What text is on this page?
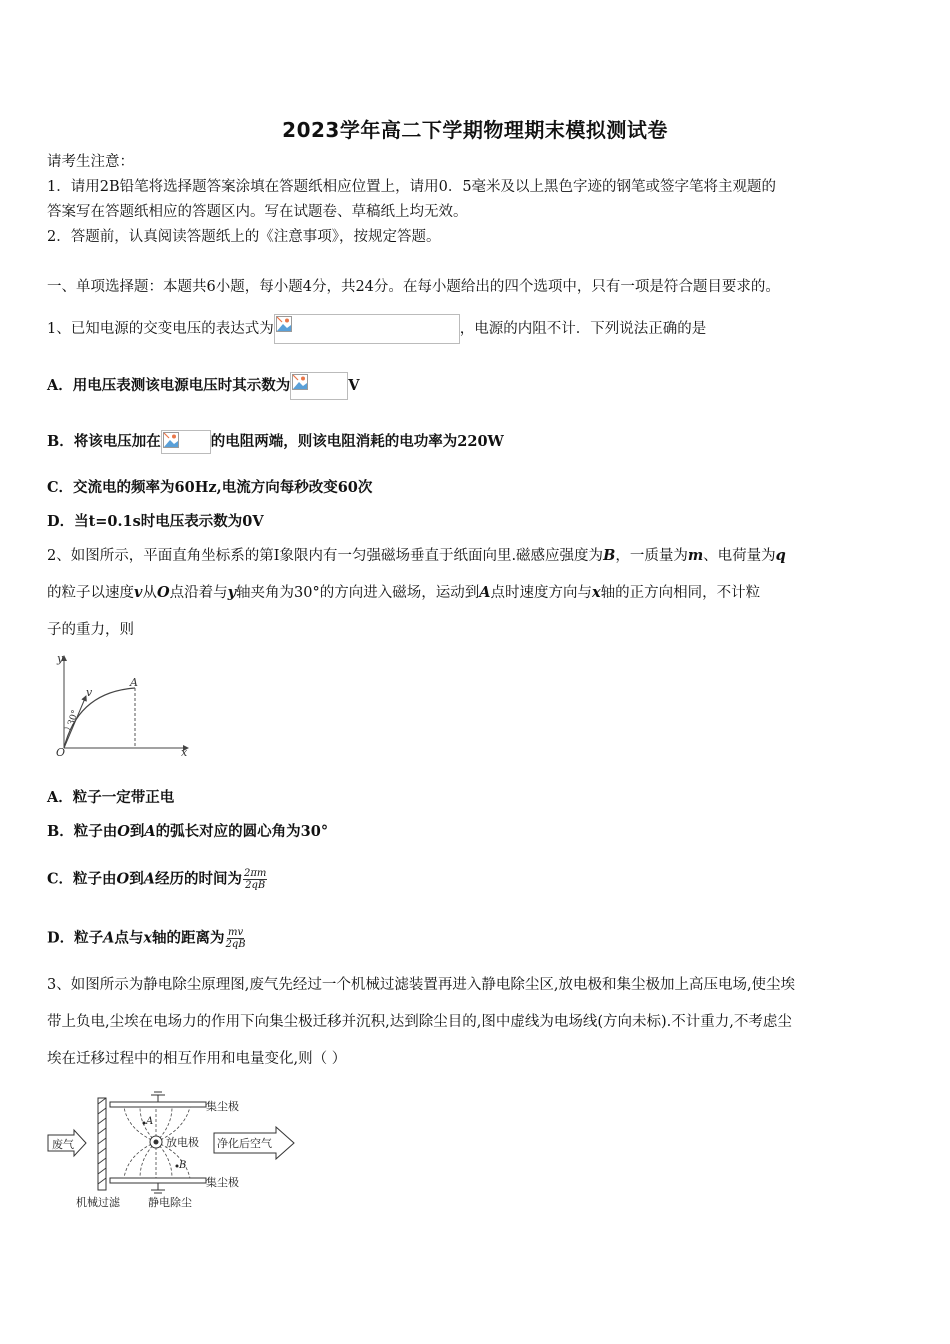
2023学年高二下学期物理期末模拟测试卷
请考生注意：
1．请用2B铅笔将选择题答案涂填在答题纸相应位置上，请用0．5毫米及以上黑色字迹的钢笔或签字笔将主观题的
答案写在答题纸相应的答题区内。写在试题卷、草稿纸上均无效。
2．答题前，认真阅读答题纸上的《注意事项》，按规定答题。
一、单项选择题：本题共6小题，每小题4分，共24分。在每小题给出的四个选项中，只有一项是符合题目要求的。
1、已知电源的交变电压的表达式为	，电源的内阻不计．下列说法正确的是
A．用电压表测该电源电压时其示数为	V
B．将该电压加在	的电阻两端，则该电阻消耗的电功率为220W
C．交流电的频率为60Hz,电流方向每秒改变60次
D．当t=0.1s时电压表示数为0V
2、如图所示，平面直角坐标系的第Ⅰ象限内有一匀强磁场垂直于纸面向里.磁感应强度为B，一质量为m、电荷量为q
的粒子以速度v从O点沿着与y轴夹角为30°的方向进入磁场，运动到A点时速度方向与x轴的正方向相同，不计粒
子的重力，则
y
v
A
30°
O	x
A．粒子一定带正电
B．粒子由O到A的弧长对应的圆心角为30°
C．粒子由O到A经历的时间为 $\frac{2\pi m}{2qB}$
D．粒子A点与x轴的距离为 $\frac{mv}{2qB}$
3、如图所示为静电除尘原理图,废气先经过一个机械过滤装置再进入静电除尘区,放电极和集尘极加上高压电场,使尘埃
带上负电,尘埃在电场力的作用下向集尘极迁移并沉积,达到除尘目的,图中虚线为电场线(方向未标).不计重力,不考虑尘
埃在迁移过程中的相互作用和电量变化,则（ ）
废气
A
B
集尘极
放电极 净化后空气
集尘极
机械过滤	静电除尘
